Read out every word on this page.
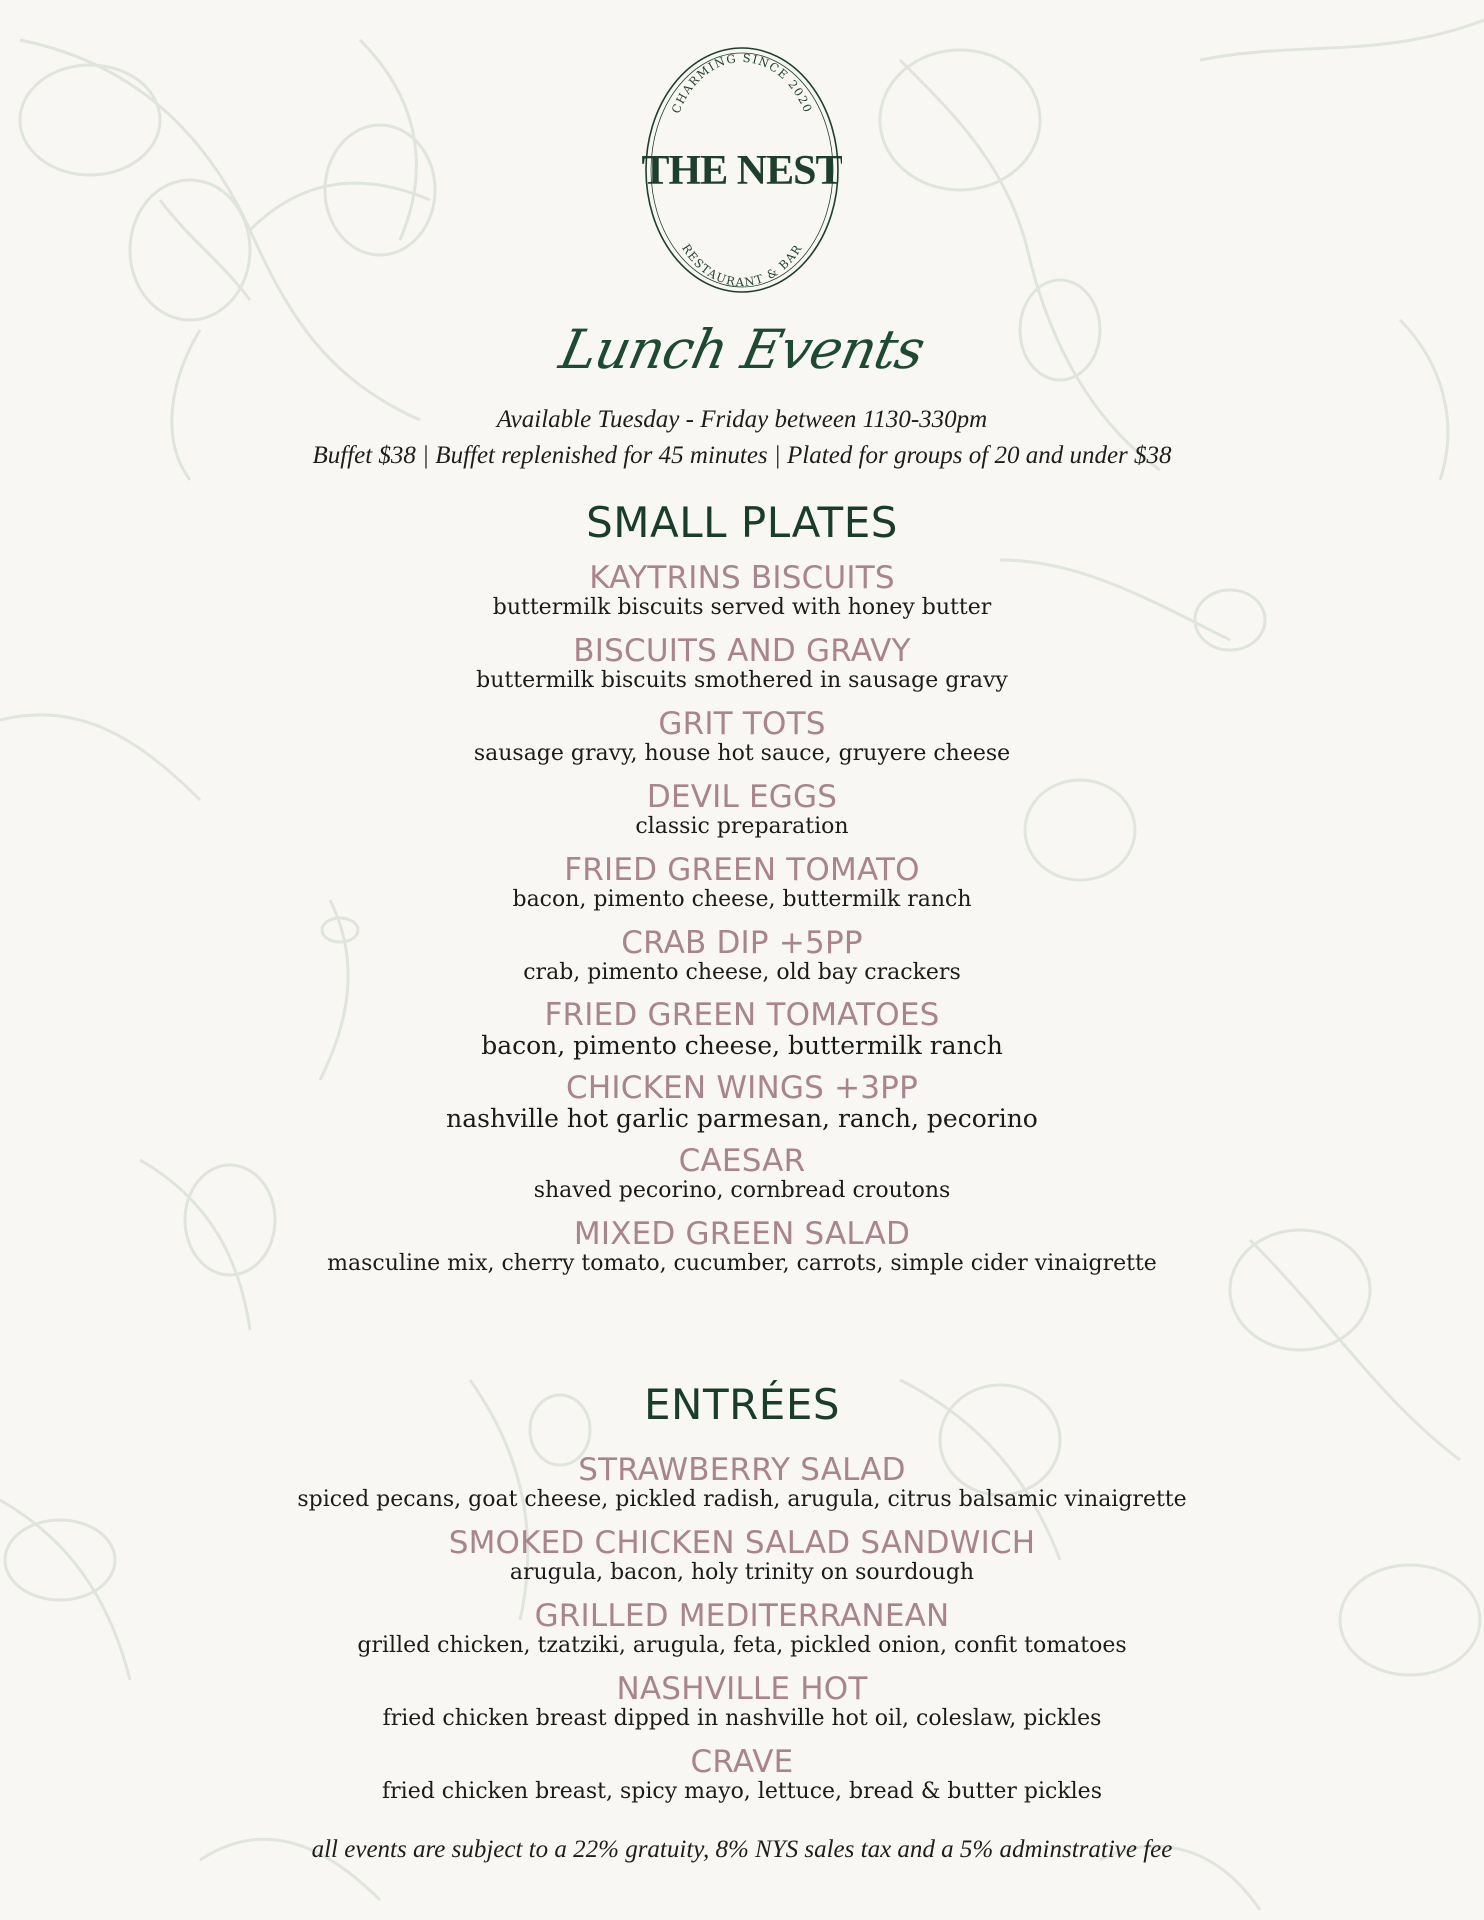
CHARMING SINCE 2020
THE NEST
RESTAURANT & BAR
Lunch Events

Available Tuesday - Friday between 1130-330pm

Buffet $38 | Buffet replenished for 45 minutes | Plated for groups of 20 and under $38

SMALL PLATES
KAYTRINS BISCUITS
buttermilk biscuits served with honey butter
BISCUITS AND GRAVY
buttermilk biscuits smothered in sausage gravy
GRIT TOTS
sausage gravy, house hot sauce, gruyere cheese
DEVIL EGGS
classic preparation
FRIED GREEN TOMATO
bacon, pimento cheese, buttermilk ranch
CRAB DIP +5PP
crab, pimento cheese, old bay crackers
FRIED GREEN TOMATOES
bacon, pimento cheese, buttermilk ranch
CHICKEN WINGS +3PP
nashville hot garlic parmesan, ranch, pecorino
CAESAR
shaved pecorino, cornbread croutons
MIXED GREEN SALAD
masculine mix, cherry tomato, cucumber, carrots, simple cider vinaigrette
ENTRÉES
STRAWBERRY SALAD
spiced pecans, goat cheese, pickled radish, arugula, citrus balsamic vinaigrette
SMOKED CHICKEN SALAD SANDWICH
arugula, bacon, holy trinity on sourdough
GRILLED MEDITERRANEAN
grilled chicken, tzatziki, arugula, feta, pickled onion, confit tomatoes
NASHVILLE HOT
fried chicken breast dipped in nashville hot oil, coleslaw, pickles
CRAVE
fried chicken breast, spicy mayo, lettuce, bread & butter pickles

all events are subject to a 22% gratuity, 8% NYS sales tax and a 5% adminstrative fee
